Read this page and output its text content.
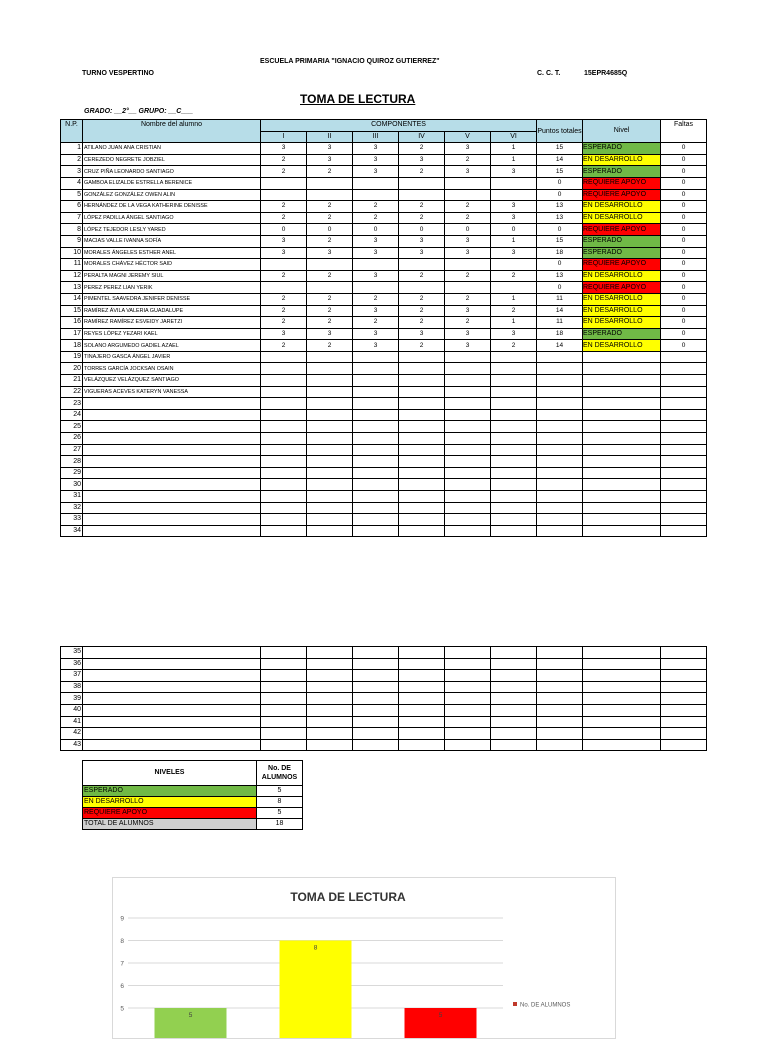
ESCUELA PRIMARIA "IGNACIO QUIROZ GUTIERREZ"
TURNO VESPERTINO	C. C. T.	15EPR4685Q
TOMA DE LECTURA
GRADO: __2°__ GRUPO: __C___
N.P.	Nombre del alumno	COMPONENTES						Puntos totales	Nivel	Faltas
		I	II	III	IV	V	VI			
1	ATILANO JUAN ANA CRISTIAN	3	3	3	2	3	1	15	ESPERADO	0
2	CEREZEDO NEGRETE JOBZIEL	2	3	3	3	2	1	14	EN DESARROLLO	0
3	CRUZ PIÑA LEONARDO SANTIAGO	2	2	3	2	3	3	15	ESPERADO	0
4	GAMBOA ELIZALDE ESTRELLA BERENICE							0	REQUIERE APOYO	0
5	GONZÁLEZ GONZÁLEZ OWEN ALIN							0	REQUIERE APOYO	0
6	HERNÁNDEZ DE LA VEGA KATHERINE DENISSE	2	2	2	2	2	3	13	EN DESARROLLO	0
7	LÓPEZ PADILLA ÁNGEL SANTIAGO	2	2	2	2	2	3	13	EN DESARROLLO	0
8	LÓPEZ TEJEDOR LESLY YARED	0	0	0	0	0	0	0	REQUIERE APOYO	0
9	MACIAS VALLE IVANNA SOFÍA	3	2	3	3	3	1	15	ESPERADO	0
10	MORALES ÁNGELES ESTHER ANEL	3	3	3	3	3	3	18	ESPERADO	0
11	MORALES CHÁVEZ HÉCTOR SAID							0	REQUIERE APOYO	0
12	PERALTA MAGNI JEREMY SIUL	2	2	3	2	2	2	13	EN DESARROLLO	0
13	PEREZ PEREZ LIAN YERIK							0	REQUIERE APOYO	0
14	PIMENTEL SAAVEDRA JENIFER DENISSE	2	2	2	2	2	1	11	EN DESARROLLO	0
15	RAMÍREZ ÁVILA VALERIA GUADALUPE	2	2	3	2	3	2	14	EN DESARROLLO	0
16	RAMÍREZ RAMÍREZ ESVEIDY JARETZI	2	2	2	2	2	1	11	EN DESARROLLO	0
17	REYES LÓPEZ YEZARI KAEL	3	3	3	3	3	3	18	ESPERADO	0
18	SOLANO ARGUMEDO GADIEL AZAEL	2	2	3	2	3	2	14	EN DESARROLLO	0
19	TINAJERO GASCA ÁNGEL JAVIER									
20	TORRES GARCÍA JOCKSAN OSAIN									
21	VELÁZQUEZ VELÁZQUEZ SANTIAGO									
22	VIGUERAS ACEVES KATERYN VANESSA									
23										
24										
25										
26										
27										
28										
29										
30										
31										
32										
33										
34										
35										
36										
37										
38										
39										
40										
41										
42										
43										
NIVELES	No. DE ALUMNOS
ESPERADO	5
EN DESARROLLO	8
REQUIERE APOYO	5
TOTAL DE ALUMNOS	18
TOMA DE LECTURA
5
6
7
8
9
5
8
5
No. DE ALUMNOS
